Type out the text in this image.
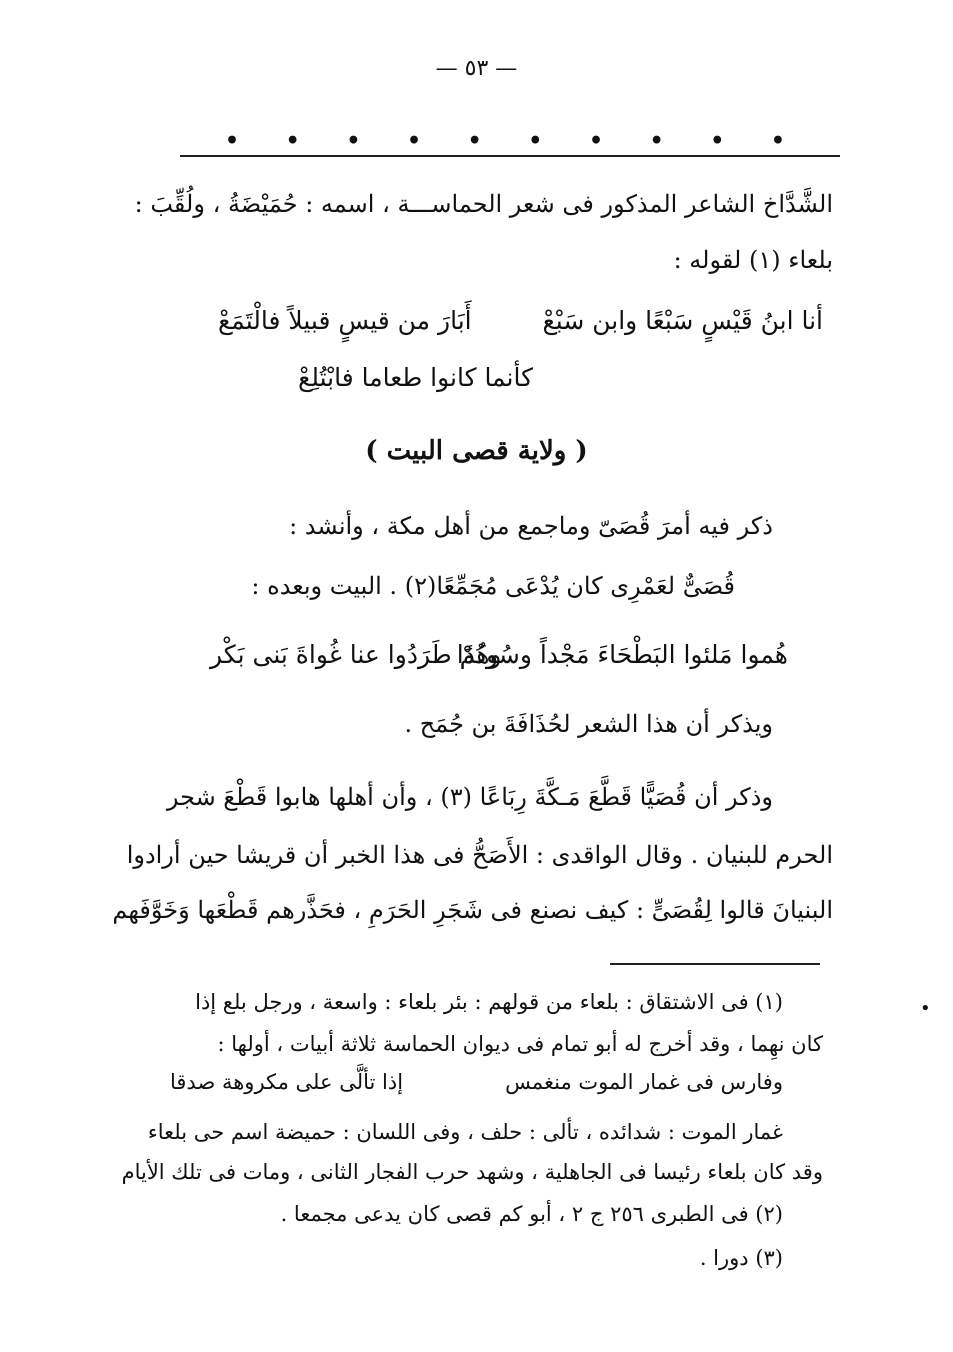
— ٥٣ —
• • • • • • • • • •
الشَّدَّاخ الشاعر المذكور فى شعر الحماســـة ، اسمه : حُمَيْضَةُ ، ولُقِّبَ :
بلعاء (١) لقوله :
أنا ابنُ قَيْسٍ سَبْعًا وابن سَبْعْ
أَبَارَ من قيسٍ قبيلاً فالْتَمَعْ
كأنما كانوا طعاما فابْتُلِعْ
( ولاية قصى البيت )
ذكر فيه أمرَ قُصَىّ وماجمع من أهل مكة ، وأنشد :
قُصَىٌّ لعَمْرِى كان يُدْعَى مُجَمِّعًا(٢) . البيت وبعده :
هُموا مَلئوا البَطْحَاءَ مَجْداً وسُودُدًا
وهُمْ طَرَدُوا عنا غُواةَ بَنى بَكْر
ويذكر أن هذا الشعر لحُذَافَةَ بن جُمَح .
وذكر أن قُصَيًّا قَطَّعَ مَـكَّةَ رِبَاعًا (٣) ، وأن أهلها هابوا قَطْعَ شجر
الحرم للبنيان . وقال الواقدى : الأَصَحُّ فى هذا الخبر أن قريشا حين أرادوا
البنيانَ قالوا لِقُصَىٍّ : كيف نصنع فى شَجَرِ الحَرَمِ ، فحَذَّرهم قَطْعَها وَخَوَّفَهم
•
(١) فى الاشتقاق : بلعاء من قولهم : بئر بلعاء : واسعة ، ورجل بلع إذا
كان نهِما ، وقد أخرج له أبو تمام فى ديوان الحماسة ثلاثة أبيات ، أولها :
وفارس فى غمار الموت منغمس
إذا تألَّى على مكروهة صدقا
غمار الموت : شدائده ، تألى : حلف ، وفى اللسان : حميضة اسم حى بلعاء
وقد كان بلعاء رئيسا فى الجاهلية ، وشهد حرب الفجار الثانى ، ومات فى تلك الأيام
(٢) فى الطبرى ٢٥٦ ج ٢ ، أبو كم قصى كان يدعى مجمعا .
(٣) دورا .
